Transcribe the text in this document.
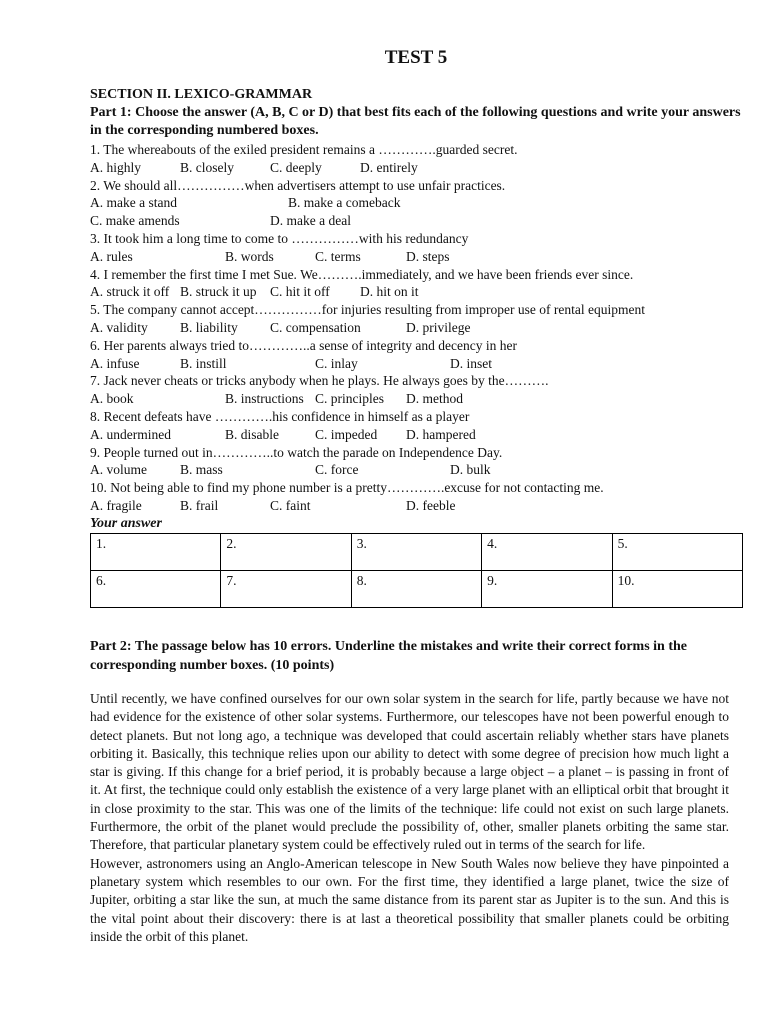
TEST 5
SECTION II. LEXICO-GRAMMAR
Part 1: Choose the answer (A, B, C or D) that best fits each of the following questions and write your answers in the corresponding numbered boxes.
1. The whereabouts of the exiled president remains a ………….guarded secret.
A. highly	B. closely	C. deeply	D. entirely
2. We should all……………when advertisers attempt to use unfair practices.
A. make a stand	B. make a comeback
C. make amends	D. make a deal
3. It took him a long time to come to ……………with his redundancy
A. rules	B. words	C. terms	D. steps
4. I remember the first time I met Sue. We……….immediately, and we have been friends ever since.
A. struck it off B. struck it up C. hit it off D. hit on it
5. The company cannot accept……………for injuries resulting from improper use of rental equipment
A. validity B. liability C. compensation	D. privilege
6. Her parents always tried to…………..a sense of integrity and decency in her
A. infuse	B. instill	C. inlay	D. inset
7. Jack never cheats or tricks anybody when he plays. He always goes by the……….
A. book	B. instructions C. principles D. method
8. Recent defeats have ………….his confidence in himself as a player
A. undermined	B. disable	C. impeded D. hampered
9. People turned out in…………..to watch the parade on Independence Day.
A. volume B. mass	C. force	D. bulk
10. Not being able to find my phone number is a pretty………….excuse for not contacting me.
A. fragile	B. frail	C. faint	D. feeble
Your answer
1.	2.	3.	4.	5.
6.	7.	8.	9.	10.
Part 2: The passage below has 10 errors. Underline the mistakes and write their correct forms in the corresponding number boxes. (10 points)

Until recently, we have confined ourselves for our own solar system in the search for life, partly because we have not had evidence for the existence of other solar systems. Furthermore, our telescopes have not been powerful enough to detect planets. But not long ago, a technique was developed that could ascertain reliably whether stars have planets orbiting it. Basically, this technique relies upon our ability to detect with some degree of precision how much light a star is giving. If this change for a brief period, it is probably because a large object – a planet – is passing in front of it. At first, the technique could only establish the existence of a very large planet with an elliptical orbit that brought it in close proximity to the star. This was one of the limits of the technique: life could not exist on such large planets. Furthermore, the orbit of the planet would preclude the possibility of, other, smaller planets orbiting the same star. Therefore, that particular planetary system could be effectively ruled out in terms of the search for life.

However, astronomers using an Anglo-American telescope in New South Wales now believe they have pinpointed a planetary system which resembles to our own. For the first time, they identified a large planet, twice the size of Jupiter, orbiting a star like the sun, at much the same distance from its parent star as Jupiter is to the sun. And this is the vital point about their discovery: there is at last a theoretical possibility that smaller planets could be orbiting inside the orbit of this planet.
